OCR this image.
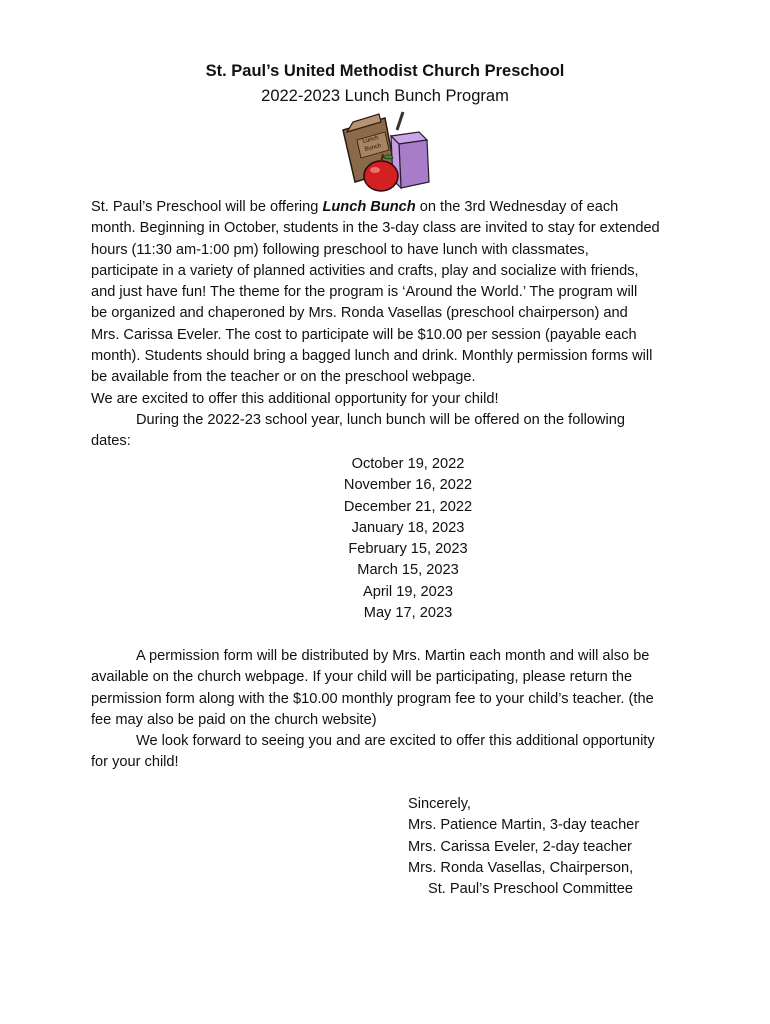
St. Paul’s United Methodist Church Preschool
2022-2023 Lunch Bunch Program
Lunch
Bunch
St. Paul’s Preschool will be offering Lunch Bunch on the 3rd Wednesday of each
month. Beginning in October, students in the 3-day class are invited to stay for extended
hours (11:30 am-1:00 pm) following preschool to have lunch with classmates,
participate in a variety of planned activities and crafts, play and socialize with friends,
and just have fun! The theme for the program is ‘Around the World.’ The program will
be organized and chaperoned by Mrs. Ronda Vasellas (preschool chairperson) and
Mrs. Carissa Eveler. The cost to participate will be $10.00 per session (payable each
month). Students should bring a bagged lunch and drink. Monthly permission forms will
be available from the teacher or on the preschool webpage.
We are excited to offer this additional opportunity for your child!
During the 2022-23 school year, lunch bunch will be offered on the following
dates:
October 19, 2022
November 16, 2022
December 21, 2022
January 18, 2023
February 15, 2023
March 15, 2023
April 19, 2023
May 17, 2023
A permission form will be distributed by Mrs. Martin each month and will also be
available on the church webpage. If your child will be participating, please return the
permission form along with the $10.00 monthly program fee to your child’s teacher. (the
fee may also be paid on the church website)
We look forward to seeing you and are excited to offer this additional opportunity
for your child!
Sincerely,
Mrs. Patience Martin, 3-day teacher
Mrs. Carissa Eveler, 2-day teacher
Mrs. Ronda Vasellas, Chairperson,
St. Paul’s Preschool Committee
